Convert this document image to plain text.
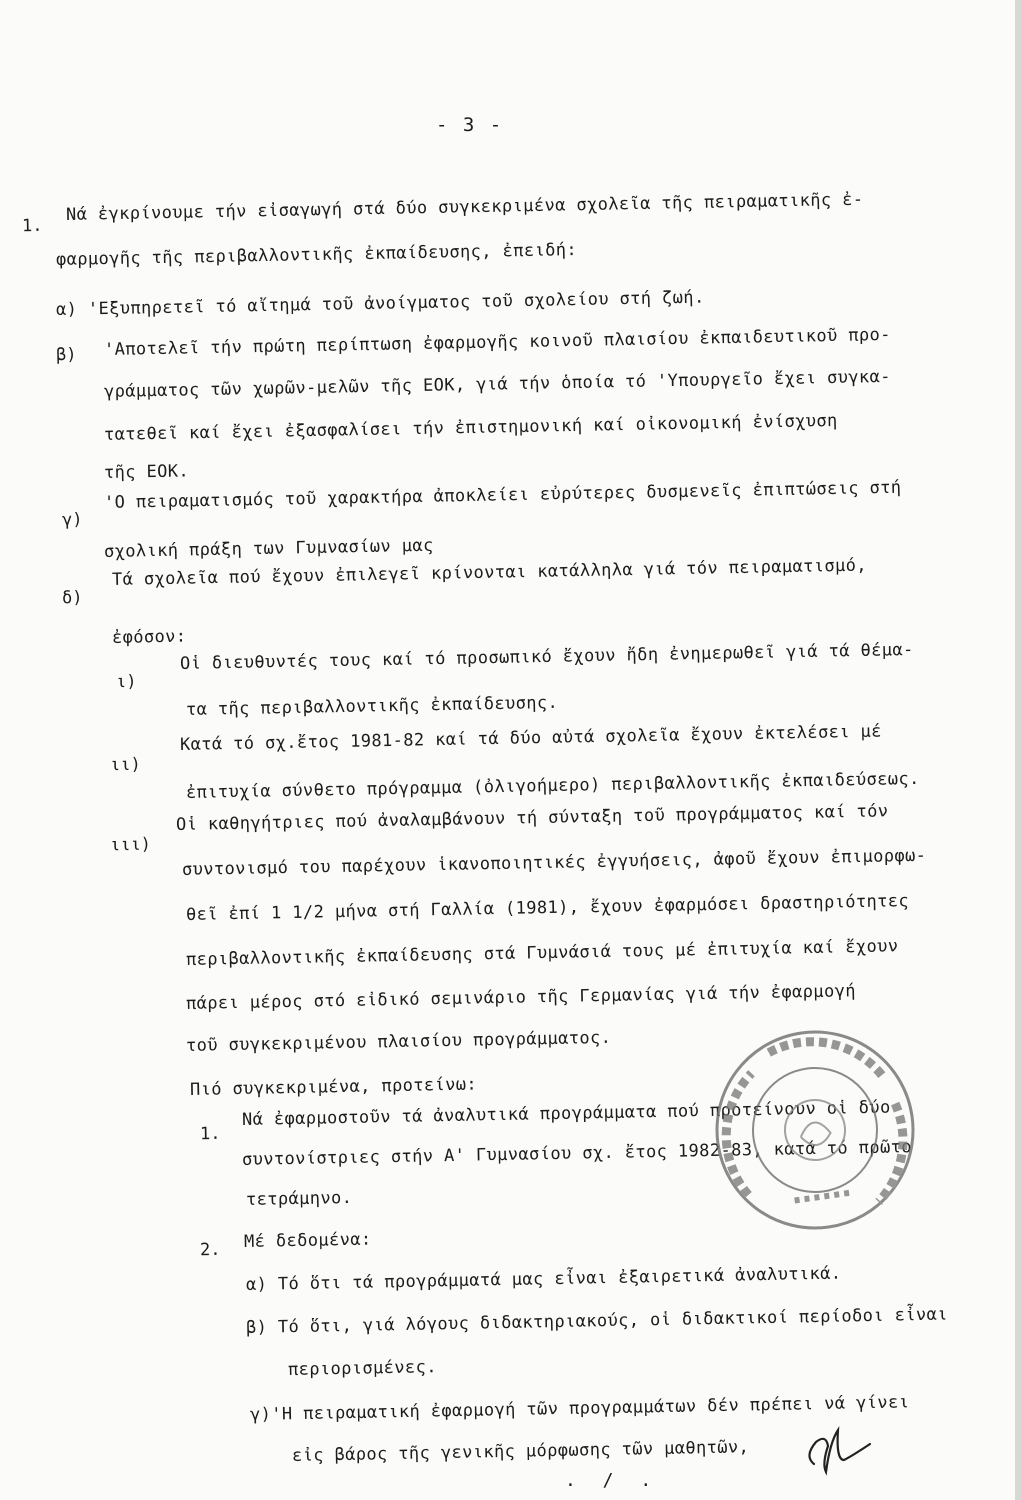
- 3 -
1.
Νά ἐγκρίνουμε τήν εἰσαγωγή στά δύο συγκεκριμένα σχολεῖα τῆς πειραματικῆς ἐ-
φαρμογῆς τῆς περιβαλλοντικῆς ἐκπαίδευσης, ἐπειδή:
α) 'Εξυπηρετεῖ τό αἴτημά τοῦ ἀνοίγματος τοῦ σχολείου στή ζωή.
β) 'Αποτελεῖ τήν πρώτη περίπτωση ἐφαρμογῆς κοινοῦ πλαισίου ἐκπαιδευτικοῦ προ-
γράμματος τῶν χωρῶν-μελῶν τῆς ΕΟΚ, γιά τήν ὁποία τό 'Υπουργεῖο ἔχει συγκα-
τατεθεῖ καί ἔχει ἐξασφαλίσει τήν ἐπιστημονική καί οἰκονομική ἐνίσχυση
τῆς ΕΟΚ.
γ)
'Ο πειραματισμός τοῦ χαρακτήρα ἀποκλείει εὐρύτερες δυσμενεῖς ἐπιπτώσεις στή
σχολική πράξη των Γυμνασίων μας
δ)
Τά σχολεῖα πού ἔχουν ἐπιλεγεῖ κρίνονται κατάλληλα γιά τόν πειραματισμό,
ἐφόσον:
ι)
Οἱ διευθυντές τους καί τό προσωπικό ἔχουν ἤδη ἐνημερωθεῖ γιά τά θέμα-
τα τῆς περιβαλλοντικῆς ἐκπαίδευσης.
ιι)
Κατά τό σχ.ἔτος 1981-82 καί τά δύο αὐτά σχολεῖα ἔχουν ἐκτελέσει μέ
ἐπιτυχία σύνθετο πρόγραμμα (ὀλιγοήμερο) περιβαλλοντικῆς ἐκπαιδεύσεως.
ιιι)
Οἱ καθηγήτριες πού ἀναλαμβάνουν τή σύνταξη τοῦ προγράμματος καί τόν
συντονισμό του παρέχουν ἱκανοποιητικές ἐγγυήσεις, ἀφοῦ ἔχουν ἐπιμορφω-
θεῖ ἐπί 1 1/2 μήνα στή Γαλλία (1981), ἔχουν ἐφαρμόσει δραστηριότητες
περιβαλλοντικῆς ἐκπαίδευσης στά Γυμνάσιά τους μέ ἐπιτυχία καί ἔχουν
πάρει μέρος στό εἰδικό σεμινάριο τῆς Γερμανίας γιά τήν ἐφαρμογή
τοῦ συγκεκριμένου πλαισίου προγράμματος.
Πιό συγκεκριμένα, προτείνω:
1.
Νά ἐφαρμοστοῦν τά ἀναλυτικά προγράμματα πού προτείνουν οἱ δύο
συντονίστριες στήν Α' Γυμνασίου σχ. ἔτος 1982-83, κατά τό πρῶτο
τετράμηνο.
2. Μέ δεδομένα:
α) Τό ὅτι τά προγράμματά μας εἶναι ἐξαιρετικά ἀναλυτικά.
β) Τό ὅτι, γιά λόγους διδακτηριακούς, οἱ διδακτικοί περίοδοι εἶναι
περιορισμένες.
γ)'Η πειραματική ἐφαρμογή τῶν προγραμμάτων δέν πρέπει νά γίνει
εἰς βάρος τῆς γενικῆς μόρφωσης τῶν μαθητῶν,
. / .
